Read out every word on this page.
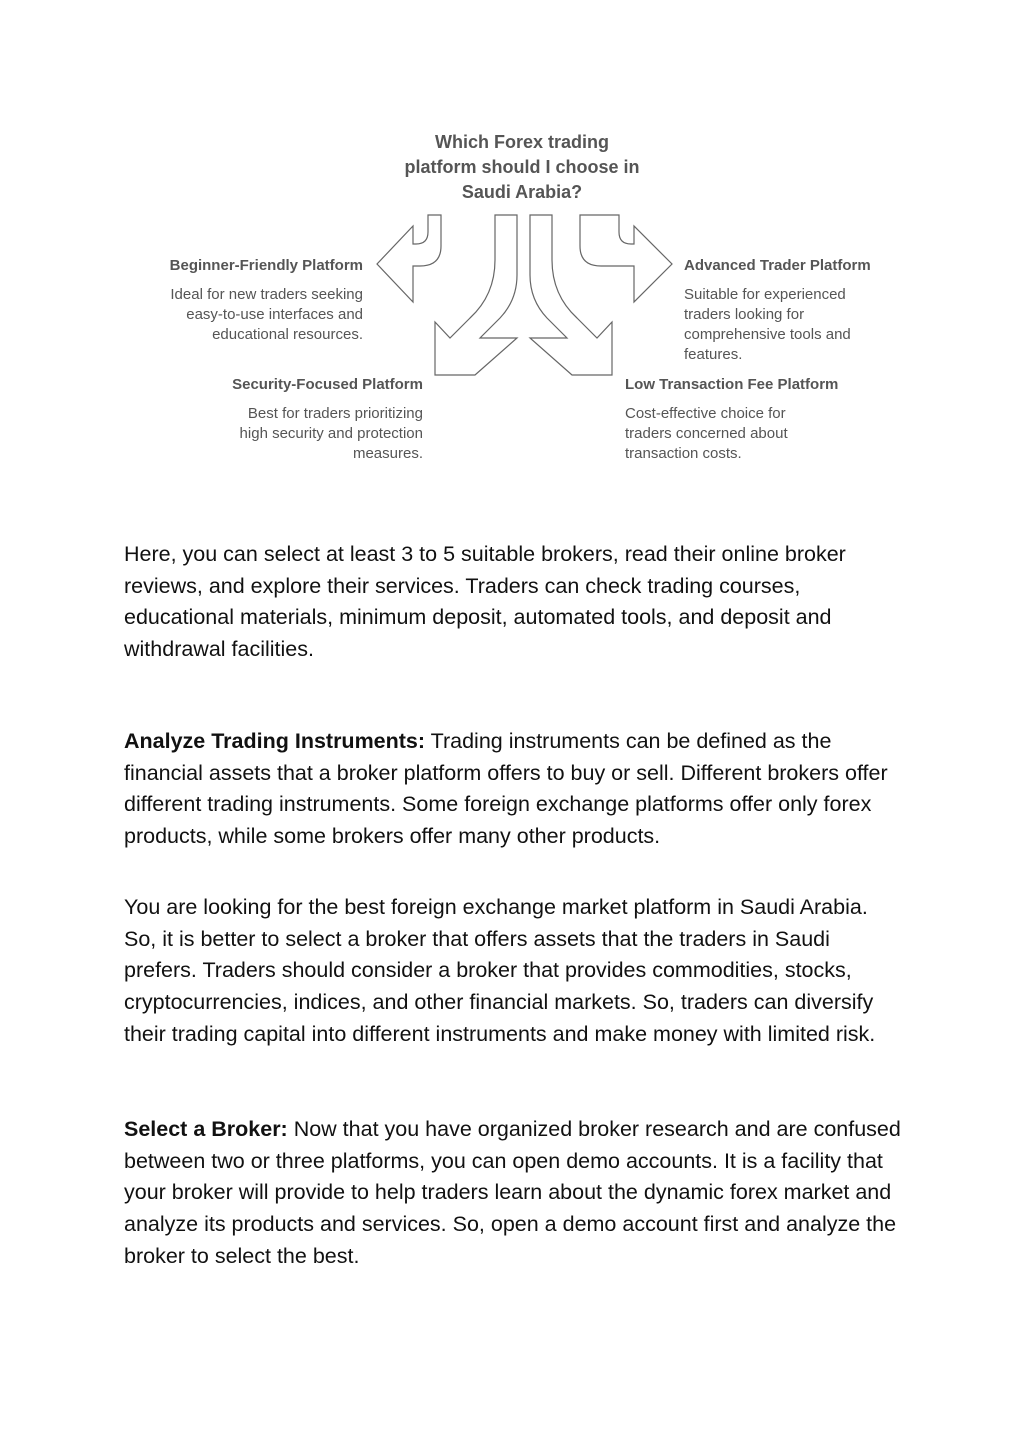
Which Forex trading
platform should I choose in
Saudi Arabia?
Beginner-Friendly Platform
Ideal for new traders seeking
easy-to-use interfaces and
educational resources.
Advanced Trader Platform
Suitable for experienced
traders looking for
comprehensive tools and
features.
Security-Focused Platform
Best for traders prioritizing
high security and protection
measures.
Low Transaction Fee Platform
Cost-effective choice for
traders concerned about
transaction costs.

Here, you can select at least 3 to 5 suitable brokers, read their online broker reviews, and explore their services. Traders can check trading courses, educational materials, minimum deposit, automated tools, and deposit and withdrawal facilities.

Analyze Trading Instruments: Trading instruments can be defined as the financial assets that a broker platform offers to buy or sell. Different brokers offer different trading instruments. Some foreign exchange platforms offer only forex products, while some brokers offer many other products.

You are looking for the best foreign exchange market platform in Saudi Arabia. So, it is better to select a broker that offers assets that the traders in Saudi prefers. Traders should consider a broker that provides commodities, stocks, cryptocurrencies, indices, and other financial markets. So, traders can diversify their trading capital into different instruments and make money with limited risk.

Select a Broker: Now that you have organized broker research and are confused between two or three platforms, you can open demo accounts. It is a facility that your broker will provide to help traders learn about the dynamic forex market and analyze its products and services. So, open a demo account first and analyze the broker to select the best.
